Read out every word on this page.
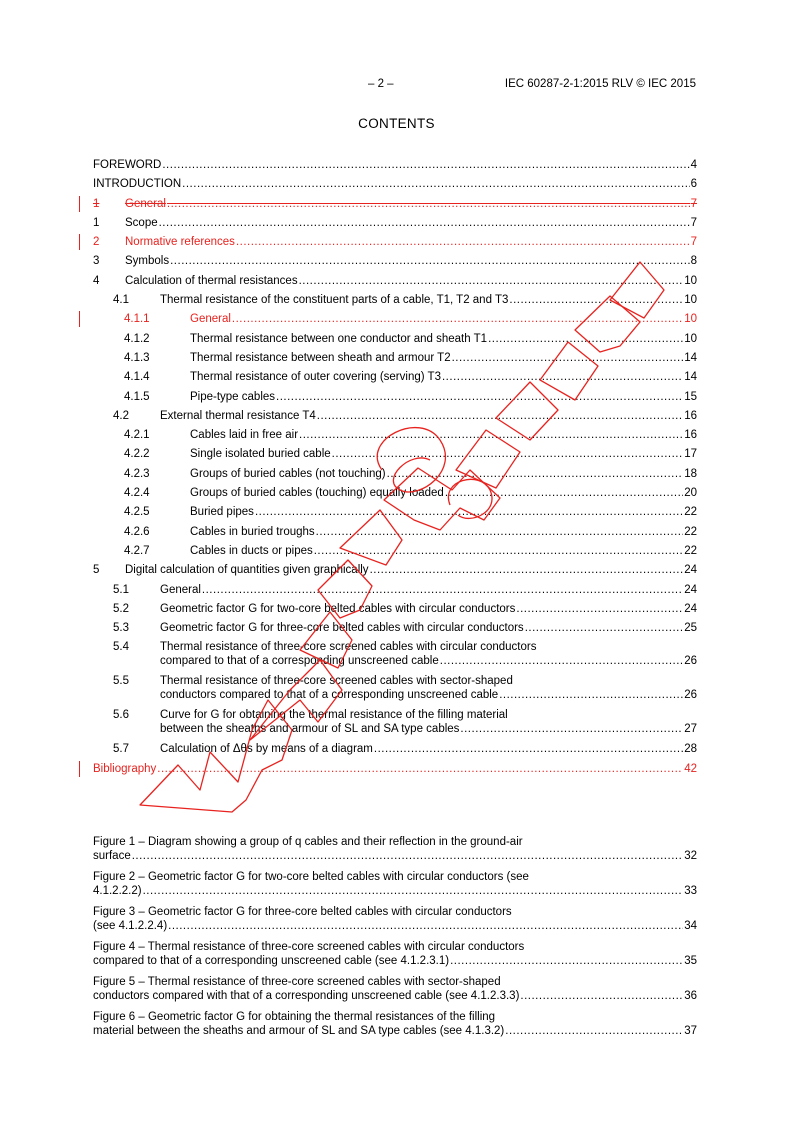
– 2 –	IEC 60287-2-1:2015 RLV © IEC 2015
CONTENTS
FOREWORD .....	4
INTRODUCTION .....	6
1	General .....	7
1	Scope .....	7
2	Normative references .....	7
3	Symbols .....	8
4	Calculation of thermal resistances .....	10
4.1	Thermal resistance of the constituent parts of a cable, T1, T2 and T3 .....	10
4.1.1	General .....	10
4.1.2	Thermal resistance between one conductor and sheath T1 .....	10
4.1.3	Thermal resistance between sheath and armour T2 .....	14
4.1.4	Thermal resistance of outer covering (serving) T3 .....	14
4.1.5	Pipe-type cables .....	15
4.2	External thermal resistance T4 .....	16
4.2.1	Cables laid in free air .....	16
4.2.2	Single isolated buried cable .....	17
4.2.3	Groups of buried cables (not touching) .....	18
4.2.4	Groups of buried cables (touching) equally loaded .....	20
4.2.5	Buried pipes .....	22
4.2.6	Cables in buried troughs .....	22
4.2.7	Cables in ducts or pipes .....	22
5	Digital calculation of quantities given graphically .....	24
5.1	General .....	24
5.2	Geometric factor G for two-core belted cables with circular conductors .....	24
5.3	Geometric factor G for three-core belted cables with circular conductors .....	25
5.4	Thermal resistance of three-core screened cables with circular conductors
compared to that of a corresponding unscreened cable .....	26
5.5	Thermal resistance of three-core screened cables with sector-shaped
conductors compared to that of a corresponding unscreened cable .....	26
5.6	Curve for G for obtaining the thermal resistance of the filling material
between the sheaths and armour of SL and SA type cables .....	27
5.7	Calculation of Δθs by means of a diagram .....	28
Bibliography .....	42
Figure 1 – Diagram showing a group of q cables and their reflection in the ground-air
surface .....	32
Figure 2 – Geometric factor G for two-core belted cables with circular conductors (see
4.1.2.2.2) .....	33
Figure 3 – Geometric factor G for three-core belted cables with circular conductors
(see 4.1.2.2.4) .....	34
Figure 4 – Thermal resistance of three-core screened cables with circular conductors
compared to that of a corresponding unscreened cable (see 4.1.2.3.1) .....	35
Figure 5 – Thermal resistance of three-core screened cables with sector-shaped
conductors compared with that of a corresponding unscreened cable (see 4.1.2.3.3) .....	36
Figure 6 – Geometric factor G for obtaining the thermal resistances of the filling
material between the sheaths and armour of SL and SA type cables (see 4.1.3.2) .....	37
